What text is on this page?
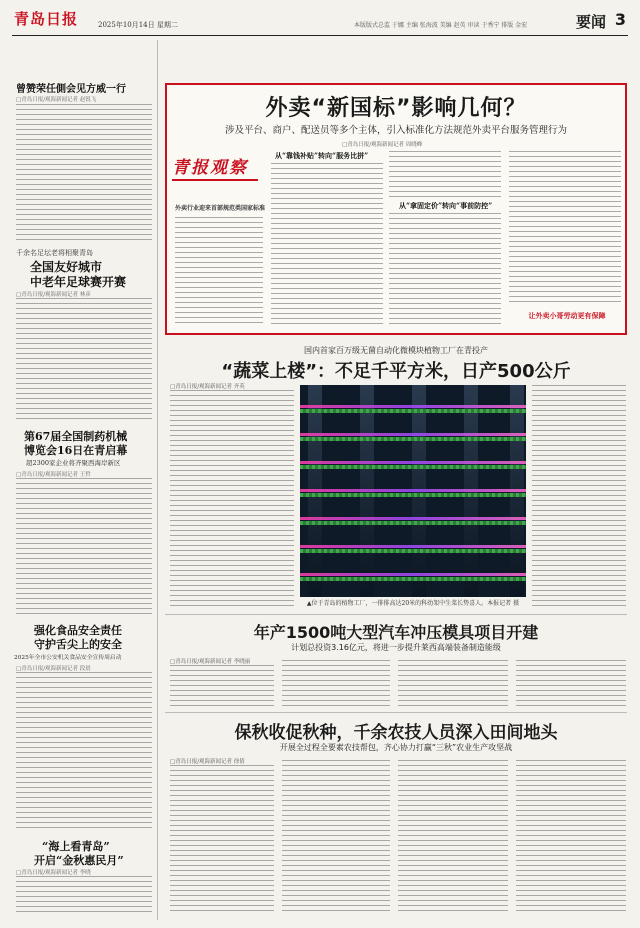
青岛日报	2025年10月14日 星期二	本版版式总监 于娜 主编 张海波 美编 赵英 审读 于秀宁 排版 金宏	要闻 3
曾赞荣任側会见方威一行
□青岛日报/观海新闻记者 赵锐飞
千余名足坛老将相聚青岛
全国友好城市
中老年足球赛开赛
□青岛日报/观海新闻记者 林彦
第67届全国制药机械
博览会16日在青启幕
超2300家企业将齐聚西海岸新区
□青岛日报/观海新闻记者 王哲
强化食品安全责任
守护舌尖上的安全
2025年全市公安机关食品安全宣传周启动
□青岛日报/观海新闻记者 段晨
“海上看青岛”
开启“金秋惠民月”
□青岛日报/观海新闻记者 李晓
外卖“新国标”影响几何？
涉及平台、商户、配送员等多个主体，引入标准化方法规范外卖平台服务管理行为
□青岛日报/观海新闻记者 周晓峰
青报观察
外卖行业迎来首部规范类国家标准
从“靠钱补贴”转向“服务比拼”
从“拿固定价”转向“事前防控”
让外卖小哥劳动更有保障
国内首家百万级无菌自动化微模块植物工厂在青投产
“蔬菜上楼”：不足千平方米，日产500公斤
□青岛日报/观海新闻记者 齐英
▲位于青岛的植物工厂，一排排高达20米的科幼架中生菜长势喜人。本报记者 摄
年产1500吨大型汽车冲压模具项目开建
计划总投资3.16亿元，将进一步提升莱西高端装备制造能级
□青岛日报/观海新闻记者 李晓丽
保秋收促秋种，千余农技人员深入田间地头
开展全过程全要素农技帮包，齐心协力打赢“三秋”农业生产攻坚战
□青岛日报/观海新闻记者 徐倩
